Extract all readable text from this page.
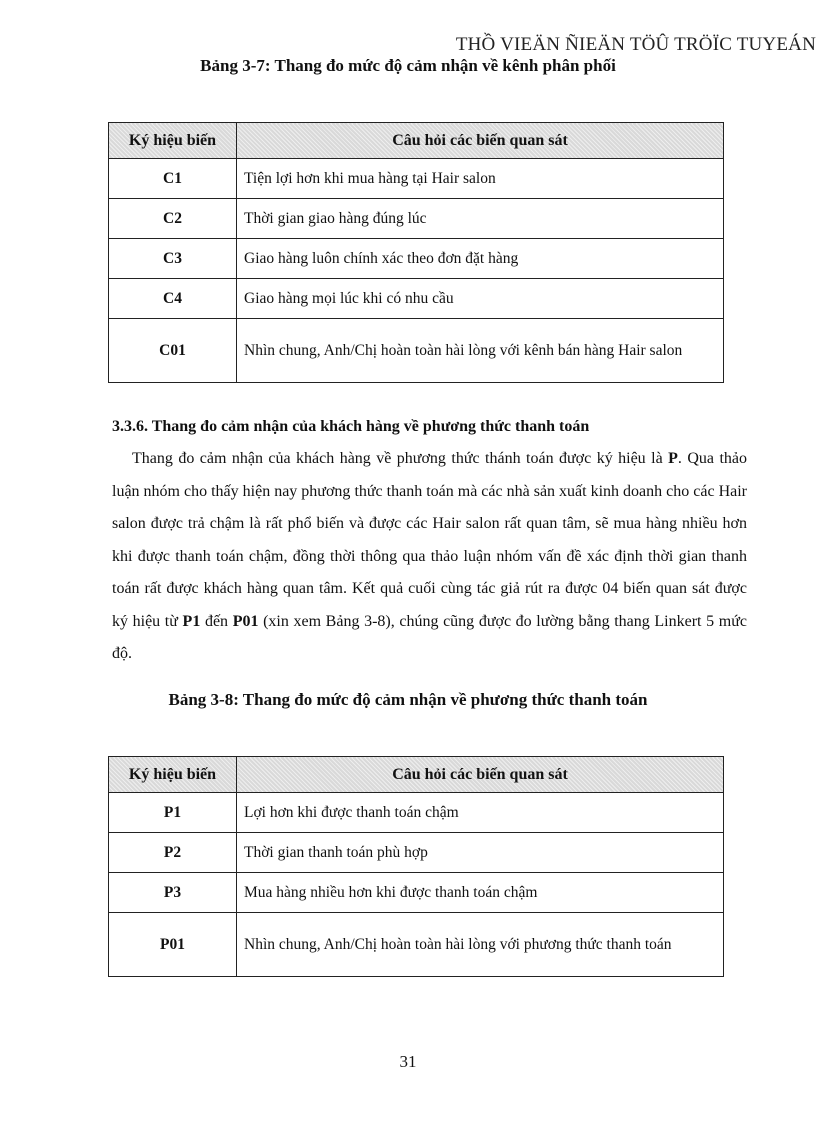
THỒ VIEÄN ÑIEÄN TÖÛ TRÖÏC TUYEÁN
Bảng 3-7: Thang đo mức độ cảm nhận về kênh phân phối
Ký hiệu biến	Câu hỏi các biến quan sát
C1	Tiện lợi hơn khi mua hàng tại Hair salon
C2	Thời gian giao hàng đúng lúc
C3	Giao hàng luôn chính xác theo đơn đặt hàng
C4	Giao hàng mọi lúc khi có nhu cầu
C01	Nhìn chung, Anh/Chị hoàn toàn hài lòng với kênh bán hàng Hair salon
3.3.6. Thang đo cảm nhận của khách hàng về phương thức thanh toán
Thang đo cảm nhận của khách hàng về phương thức thánh toán được ký hiệu là P. Qua thảo luận nhóm cho thấy hiện nay phương thức thanh toán mà các nhà sản xuất kinh doanh cho các Hair salon được trả chậm là rất phổ biến và được các Hair salon rất quan tâm, sẽ mua hàng nhiều hơn khi được thanh toán chậm, đồng thời thông qua thảo luận nhóm vấn đề xác định thời gian thanh toán rất được khách hàng quan tâm. Kết quả cuối cùng tác giả rút ra được 04 biến quan sát được ký hiệu từ P1 đến P01 (xin xem Bảng 3-8), chúng cũng được đo lường bằng thang Linkert 5 mức độ.
Bảng 3-8: Thang đo mức độ cảm nhận về phương thức thanh toán
Ký hiệu biến	Câu hỏi các biến quan sát
P1	Lợi hơn khi được thanh toán chậm
P2	Thời gian thanh toán phù hợp
P3	Mua hàng nhiều hơn khi được thanh toán chậm
P01	Nhìn chung, Anh/Chị hoàn toàn hài lòng với phương thức thanh toán
31
